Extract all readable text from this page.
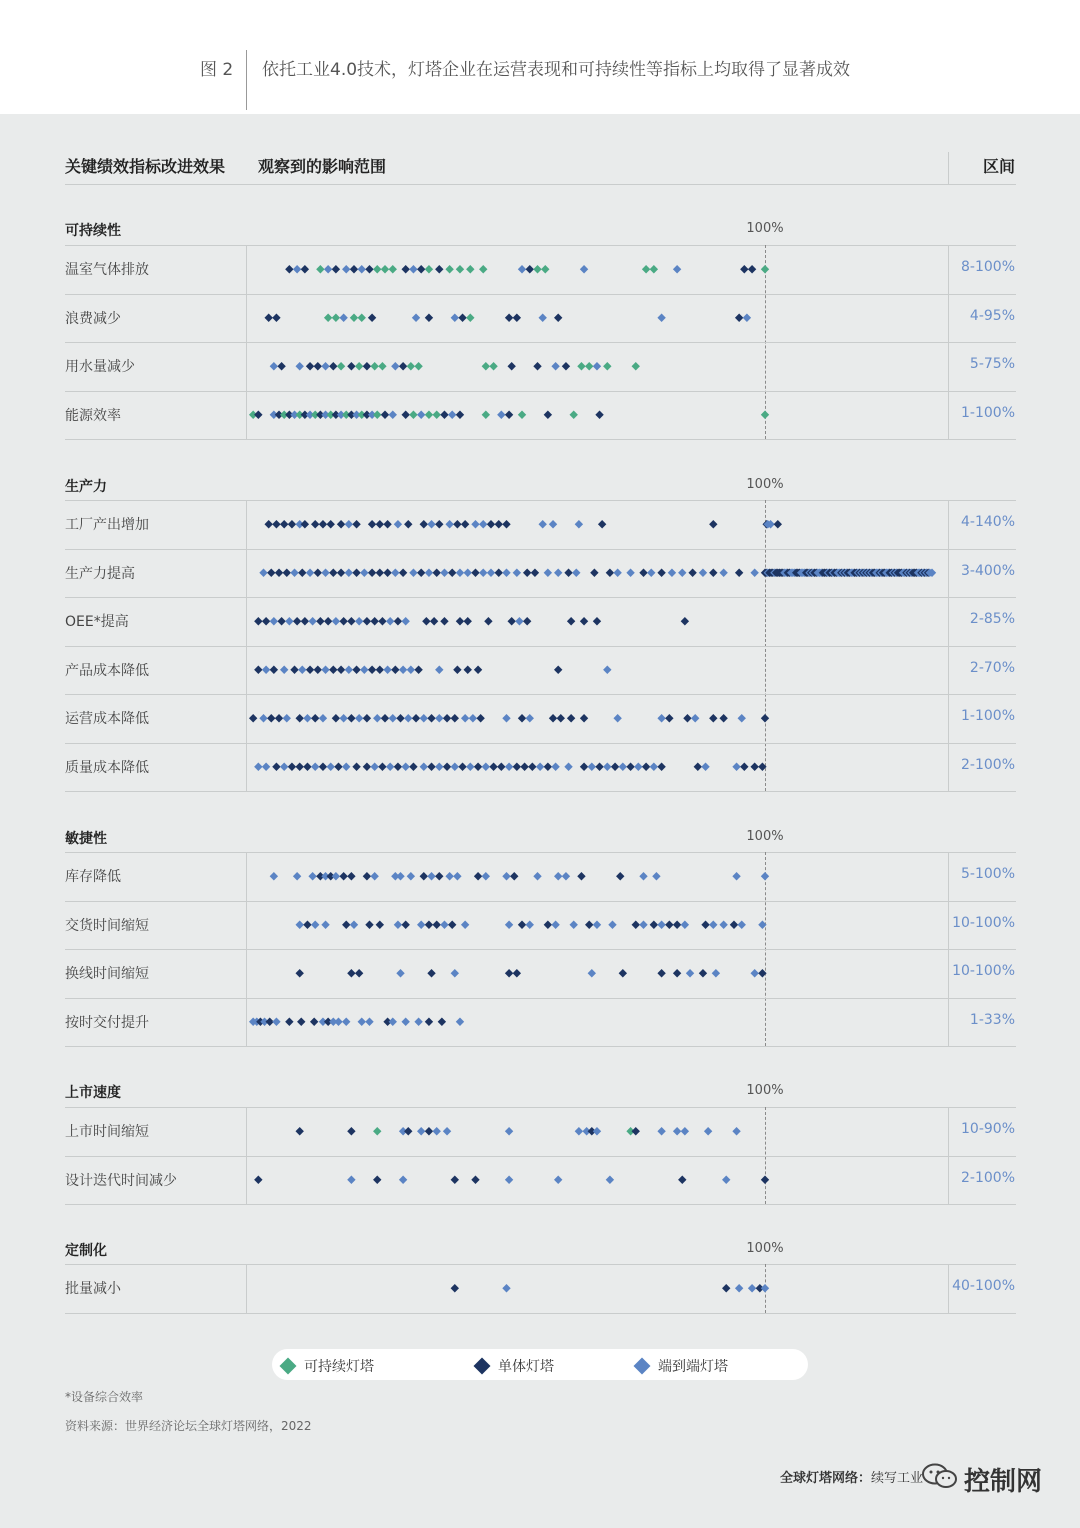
图 2 依托工业4.0技术，灯塔企业在运营表现和可持续性等指标上均取得了显著成效
关键绩效指标改进效果 观察到的影响范围	区间
可持续性	100%
温室气体排放	8-100%
浪费减少	4-95%
用水量减少	5-75%
能源效率	1-100%
生产力	100%
工厂产出增加	4-140%
生产力提高	3-400%
OEE*提高	2-85%
产品成本降低	2-70%
运营成本降低	1-100%
质量成本降低	2-100%
敏捷性	100%
库存降低	5-100%
交货时间缩短	10-100%
换线时间缩短	10-100%
按时交付提升	1-33%
上市速度	100%
上市时间缩短	10-90%
设计迭代时间减少	2-100%
定制化	100%
批量减小	40-100%
可持续灯塔	单体灯塔	端到端灯塔
*设备综合效率
资料来源：世界经济论坛全球灯塔网络，2022
全球灯塔网络：续写工业 控制网
